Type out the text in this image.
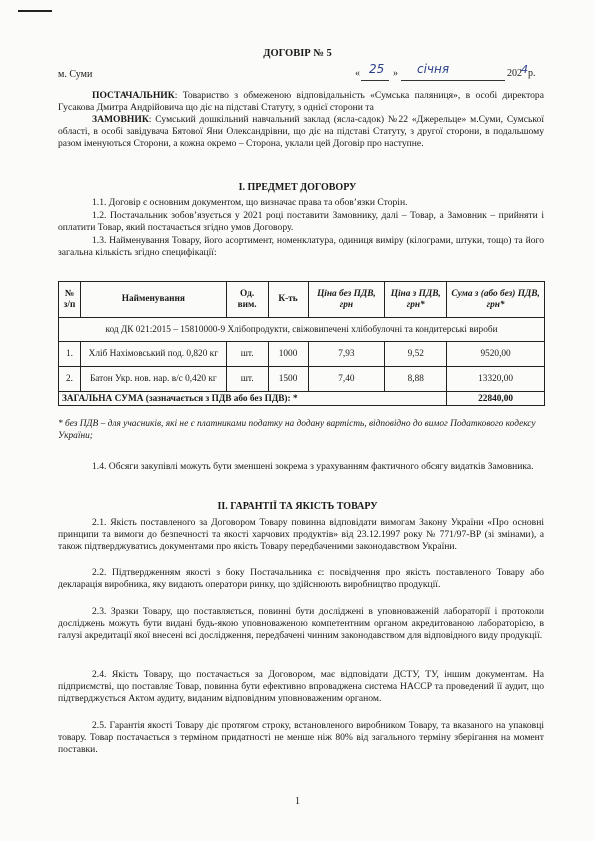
ДОГОВІР № 5
м. Суми	« 25 » січня	202 4 р.
ПОСТАЧАЛЬНИК: Товариство з обмеженою відповідальність «Сумська паляниця», в особі директора Гусакова Дмитра Андрійовича що діє на підставі Статуту, з однієї сторони та
ЗАМОВНИК: Сумський дошкільний навчальний заклад (ясла-садок) №22 «Джерельце» м.Суми, Сумської області, в особі завідувача Бятової Яни Олександрівни, що діє на підставі Статуту, з другої сторони, в подальшому разом іменуються Сторони, а кожна окремо – Сторона, уклали цей Договір про наступне.
І. ПРЕДМЕТ ДОГОВОРУ
1.1. Договір є основним документом, що визначає права та обов’язки Сторін.
1.2. Постачальник зобов’язується у 2021 році поставити Замовнику, далі – Товар, а Замовник – прийняти і оплатити Товар, який постачається згідно умов Договору.
1.3. Найменування Товару, його асортимент, номенклатура, одиниця виміру (кілограми, штуки, тощо) та його загальна кількість згідно специфікації:
№ з/п	Найменування	Од. вим.	К-ть	Ціна без ПДВ, грн	Ціна з ПДВ, грн*	Сума з (або без) ПДВ, грн*
код ДК 021:2015 – 15810000-9 Хлібопродукти, свіжовипечені хлібобулочні та кондитерські вироби						
1.	Хліб Нахімовський под. 0,820 кг	шт.	1000	7,93	9,52	9520,00
2.	Батон Укр. нов. нар. в/с 0,420 кг	шт.	1500	7,40	8,88	13320,00
ЗАГАЛЬНА СУМА (зазначається з ПДВ або без ПДВ): *						22840,00
* без ПДВ – для учасників, які не є платниками податку на додану вартість, відповідно до вимог Податкового кодексу України;
1.4. Обсяги закупівлі можуть бути зменшені зокрема з урахуванням фактичного обсягу видатків Замовника.
ІІ. ГАРАНТІЇ ТА ЯКІСТЬ ТОВАРУ
2.1. Якість поставленого за Договором Товару повинна відповідати вимогам Закону України «Про основні принципи та вимоги до безпечності та якості харчових продуктів» від 23.12.1997 року № 771/97-ВР (зі змінами), а також підтверджуватись документами про якість Товару передбаченими законодавством України.
2.2. Підтвердженням якості з боку Постачальника є: посвідчення про якість поставленого Товару або декларація виробника, яку видають оператори ринку, що здійснюють виробництво продукції.
2.3. Зразки Товару, що поставляється, повинні бути досліджені в уповноваженій лабораторії і протоколи досліджень можуть бути видані будь-якою уповноваженою компетентним органом акредитованою лабораторією, в галузі акредитації якої внесені всі дослідження, передбачені чинним законодавством для відповідного виду продукції.
2.4. Якість Товару, що постачається за Договором, має відповідати ДСТУ, ТУ, іншим документам. На підприємстві, що поставляє Товар, повинна бути ефективно впроваджена система HACCP та проведений її аудит, що підтверджується Актом аудиту, виданим відповідним уповноваженим органом.
2.5. Гарантія якості Товару діє протягом строку, встановленого виробником Товару, та вказаного на упаковці товару. Товар постачається з терміном придатності не менше ніж 80% від загального терміну зберігання на момент поставки.
1
